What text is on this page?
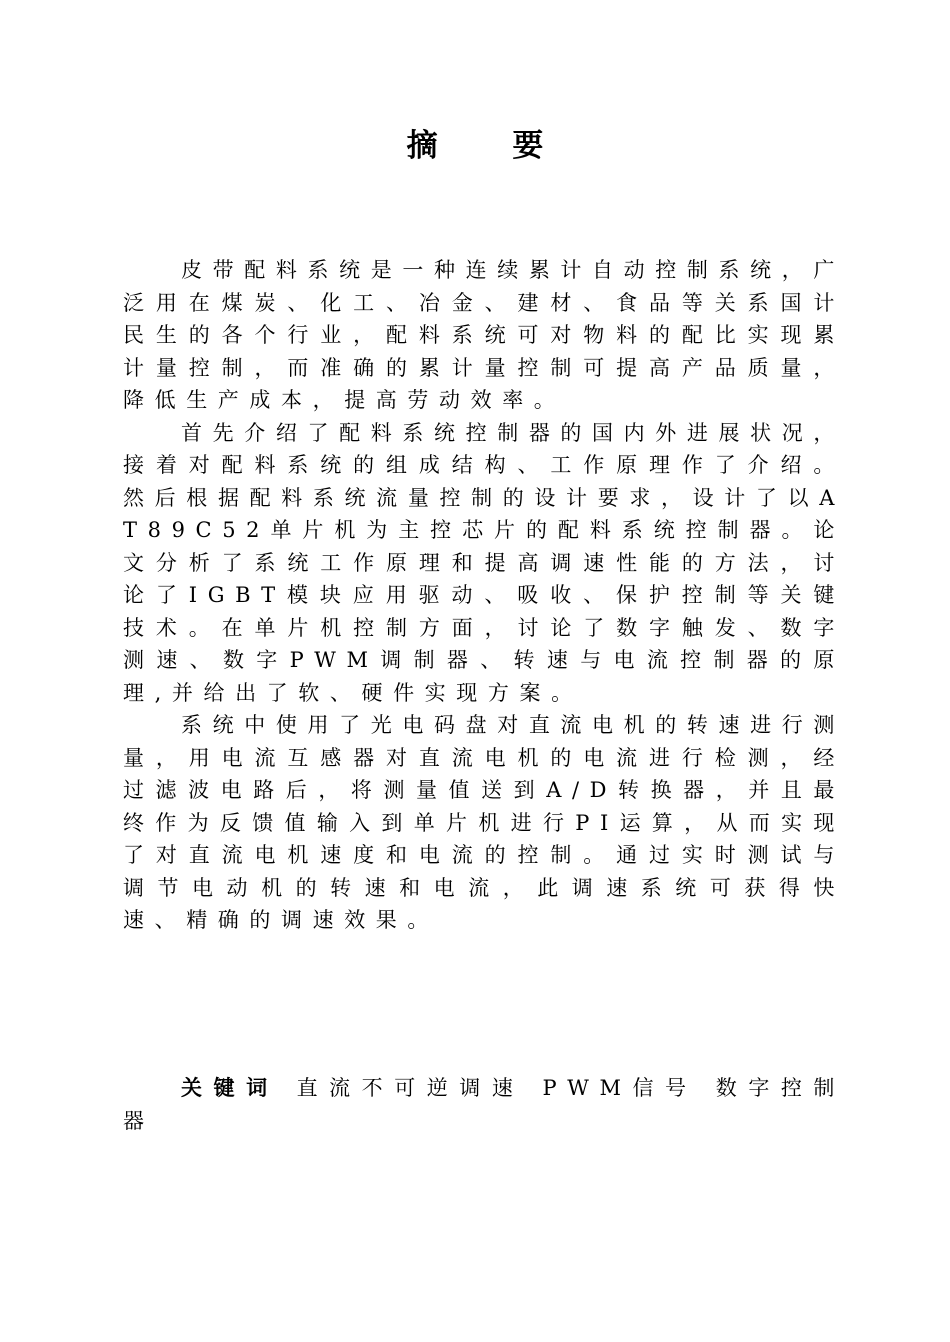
摘 要

皮带配料系统是一种连续累计自动控制系统，广泛用在煤炭、化工、冶金、建材、食品等关系国计民生的各个行业，配料系统可对物料的配比实现累计量控制，而准确的累计量控制可提高产品质量，降低生产成本，提高劳动效率。

首先介绍了配料系统控制器的国内外进展状况，接着对配料系统的组成结构、工作原理作了介绍。然后根据配料系统流量控制的设计要求，设计了以AT89C52单片机为主控芯片的配料系统控制器。论文分析了系统工作原理和提高调速性能的方法，讨论了IGBT模块应用驱动、吸收、保护控制等关键技术。在单片机控制方面，讨论了数字触发、数字测速、数字PWM调制器、转速与电流控制器的原理,并给出了软、硬件实现方案。

系统中使用了光电码盘对直流电机的转速进行测量，用电流互感器对直流电机的电流进行检测，经过滤波电路后，将测量值送到A/D转换器，并且最终作为反馈值输入到单片机进行PI运算，从而实现了对直流电机速度和电流的控制。通过实时测试与调节电动机的转速和电流，此调速系统可获得快速、精确的调速效果。

关键词 直流不可逆调速 PWM信号 数字控制器
